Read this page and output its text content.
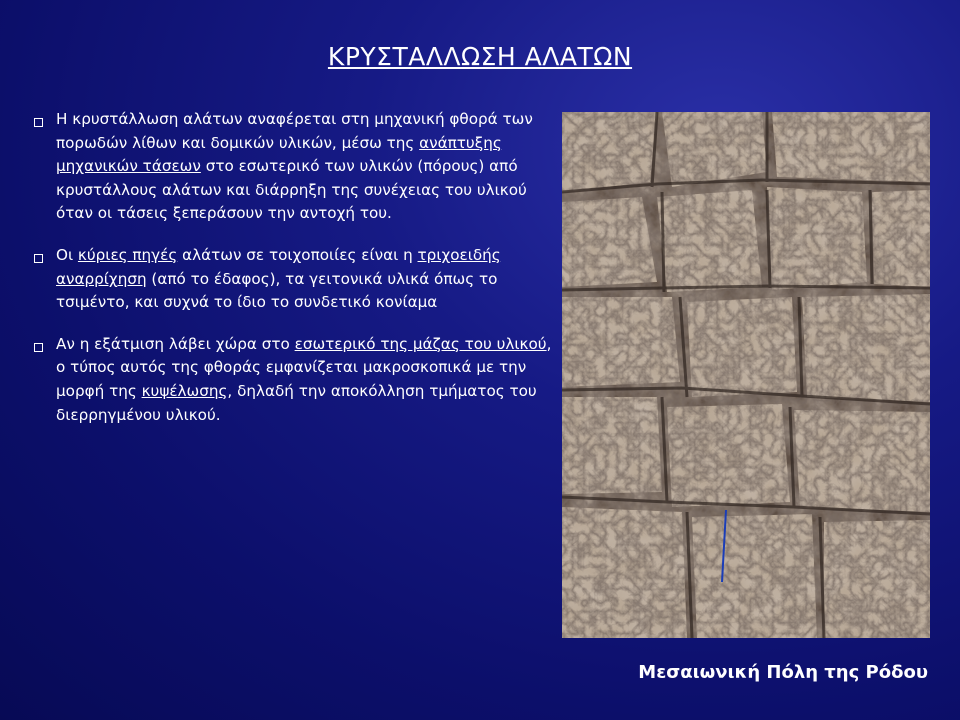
ΚΡΥΣΤΑΛΛΩΣΗ ΑΛΑΤΩΝ
Η κρυστάλλωση αλάτων αναφέρεται στη μηχανική φθορά των πορωδών λίθων και δομικών υλικών, μέσω της ανάπτυξης μηχανικών τάσεων στο εσωτερικό των υλικών (πόρους) από κρυστάλλους αλάτων και διάρρηξη της συνέχειας του υλικού όταν οι τάσεις ξεπεράσουν την αντοχή του.
Οι κύριες πηγές αλάτων σε τοιχοποιίες είναι η τριχοειδής αναρρίχηση (από το έδαφος), τα γειτονικά υλικά όπως το τσιμέντο, και συχνά το ίδιο το συνδετικό κονίαμα
Αν η εξάτμιση λάβει χώρα στο εσωτερικό της μάζας του υλικού, ο τύπος αυτός της φθοράς εμφανίζεται μακροσκοπικά με την μορφή της κυψέλωσης, δηλαδή την αποκόλληση τμήματος του διερρηγμένου υλικού.
Μεσαιωνική Πόλη της Ρόδου
